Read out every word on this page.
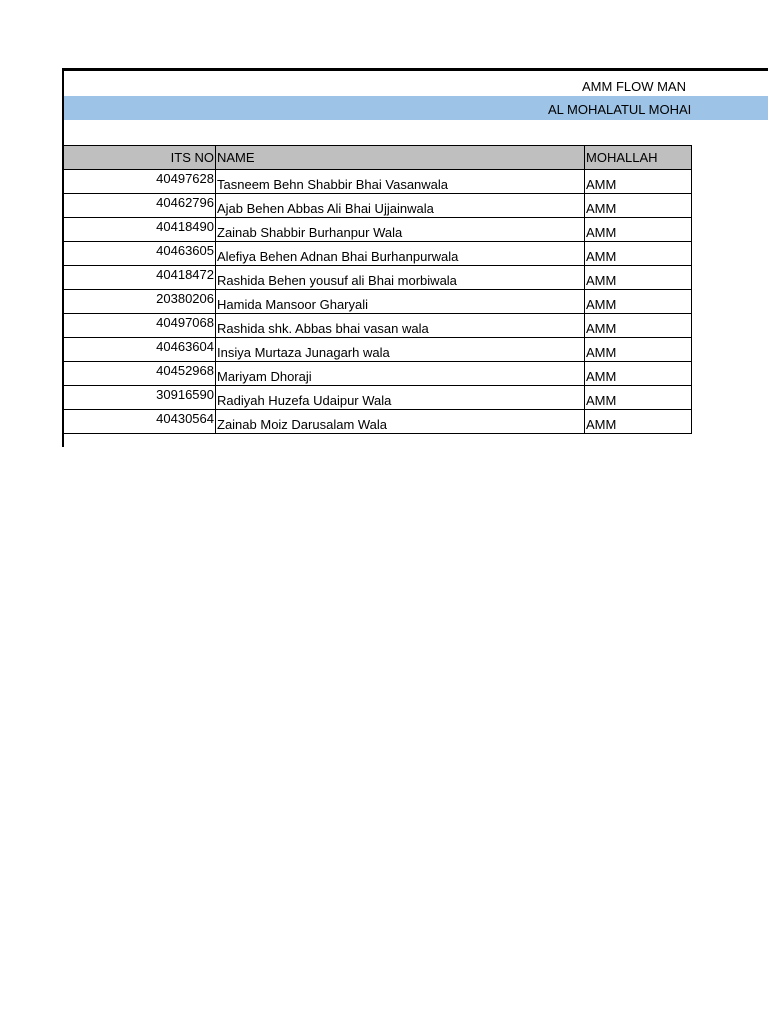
AMM FLOW MAN
AL MOHALATUL MOHAI
ITS NO	NAME	MOHALLAH
40497628	Tasneem Behn Shabbir Bhai Vasanwala	AMM
40462796	Ajab Behen Abbas Ali Bhai Ujjainwala	AMM
40418490	Zainab Shabbir Burhanpur Wala	AMM
40463605	Alefiya Behen Adnan Bhai Burhanpurwala	AMM
40418472	Rashida Behen yousuf ali Bhai morbiwala	AMM
20380206	Hamida Mansoor Gharyali	AMM
40497068	Rashida shk. Abbas bhai vasan wala	AMM
40463604	Insiya Murtaza Junagarh wala	AMM
40452968	Mariyam Dhoraji	AMM
30916590	Radiyah Huzefa Udaipur Wala	AMM
40430564	Zainab Moiz Darusalam Wala	AMM
